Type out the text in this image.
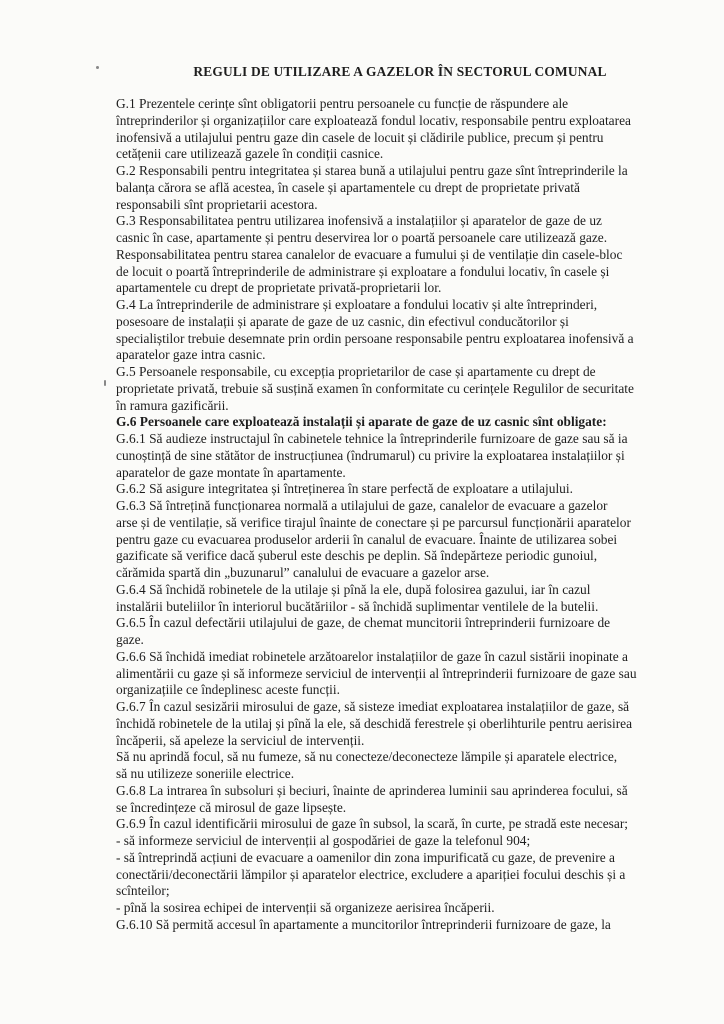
REGULI DE UTILIZARE A GAZELOR ÎN SECTORUL COMUNAL
G.1 Prezentele cerințe sînt obligatorii pentru persoanele cu funcție de răspundere ale
întreprinderilor și organizațiilor care exploatează fondul locativ, responsabile pentru exploatarea
inofensivă a utilajului pentru gaze din casele de locuit și clădirile publice, precum și pentru
cetățenii care utilizează gazele în condiții casnice.
G.2 Responsabili pentru integritatea și starea bună a utilajului pentru gaze sînt întreprinderile la
balanța cărora se află acestea, în casele și apartamentele cu drept de proprietate privată
responsabili sînt proprietarii acestora.
G.3 Responsabilitatea pentru utilizarea inofensivă a instalațiilor și aparatelor de gaze de uz
casnic în case, apartamente și pentru deservirea lor o poartă persoanele care utilizează gaze.
Responsabilitatea pentru starea canalelor de evacuare a fumului și de ventilație din casele-bloc
de locuit o poartă întreprinderile de administrare și exploatare a fondului locativ, în casele și
apartamentele cu drept de proprietate privată-proprietarii lor.
G.4 La întreprinderile de administrare și exploatare a fondului locativ și alte întreprinderi,
posesoare de instalații și aparate de gaze de uz casnic, din efectivul conducătorilor și
specialiștilor trebuie desemnate prin ordin persoane responsabile pentru exploatarea inofensivă a
aparatelor gaze intra casnic.
G.5 Persoanele responsabile, cu excepția proprietarilor de case și apartamente cu drept de
proprietate privată, trebuie să susțină examen în conformitate cu cerințele Regulilor de securitate
în ramura gazificării.
G.6 Persoanele care exploatează instalații și aparate de gaze de uz casnic sînt obligate:
G.6.1 Să audieze instructajul în cabinetele tehnice la întreprinderile furnizoare de gaze sau să ia
cunoștință de sine stătător de instrucțiunea (îndrumarul) cu privire la exploatarea instalațiilor și
aparatelor de gaze montate în apartamente.
G.6.2 Să asigure integritatea și întreținerea în stare perfectă de exploatare a utilajului.
G.6.3 Să întrețină funcționarea normală a utilajului de gaze, canalelor de evacuare a gazelor
arse și de ventilație, să verifice tirajul înainte de conectare și pe parcursul funcționării aparatelor
pentru gaze cu evacuarea produselor arderii în canalul de evacuare. Înainte de utilizarea sobei
gazificate să verifice dacă șuberul este deschis pe deplin. Să îndepărteze periodic gunoiul,
cărămida spartă din „buzunarul” canalului de evacuare a gazelor arse.
G.6.4 Să închidă robinetele de la utilaje și pînă la ele, după folosirea gazului, iar în cazul
instalării buteliilor în interiorul bucătăriilor - să închidă suplimentar ventilele de la butelii.
G.6.5 În cazul defectării utilajului de gaze, de chemat muncitorii întreprinderii furnizoare de
gaze.
G.6.6 Să închidă imediat robinetele arzătoarelor instalațiilor de gaze în cazul sistării inopinate a
alimentării cu gaze și să informeze serviciul de intervenții al întreprinderii furnizoare de gaze sau
organizațiile ce îndeplinesc aceste funcții.
G.6.7 În cazul sesizării mirosului de gaze, să sisteze imediat exploatarea instalațiilor de gaze, să
închidă robinetele de la utilaj și pînă la ele, să deschidă ferestrele și oberlihturile pentru aerisirea
încăperii, să apeleze la serviciul de intervenții.
Să nu aprindă focul, să nu fumeze, să nu conecteze/deconecteze lămpile și aparatele electrice,
să nu utilizeze soneriile electrice.
G.6.8 La intrarea în subsoluri și beciuri, înainte de aprinderea luminii sau aprinderea focului, să
se încredințeze că mirosul de gaze lipsește.
G.6.9 În cazul identificării mirosului de gaze în subsol, la scară, în curte, pe stradă este necesar;
- să informeze serviciul de intervenții al gospodăriei de gaze la telefonul 904;
- să întreprindă acțiuni de evacuare a oamenilor din zona impurificată cu gaze, de prevenire a
conectării/deconectării lămpilor și aparatelor electrice, excludere a apariției focului deschis și a
scînteilor;
- pînă la sosirea echipei de intervenții să organizeze aerisirea încăperii.
G.6.10 Să permită accesul în apartamente a muncitorilor întreprinderii furnizoare de gaze, la
